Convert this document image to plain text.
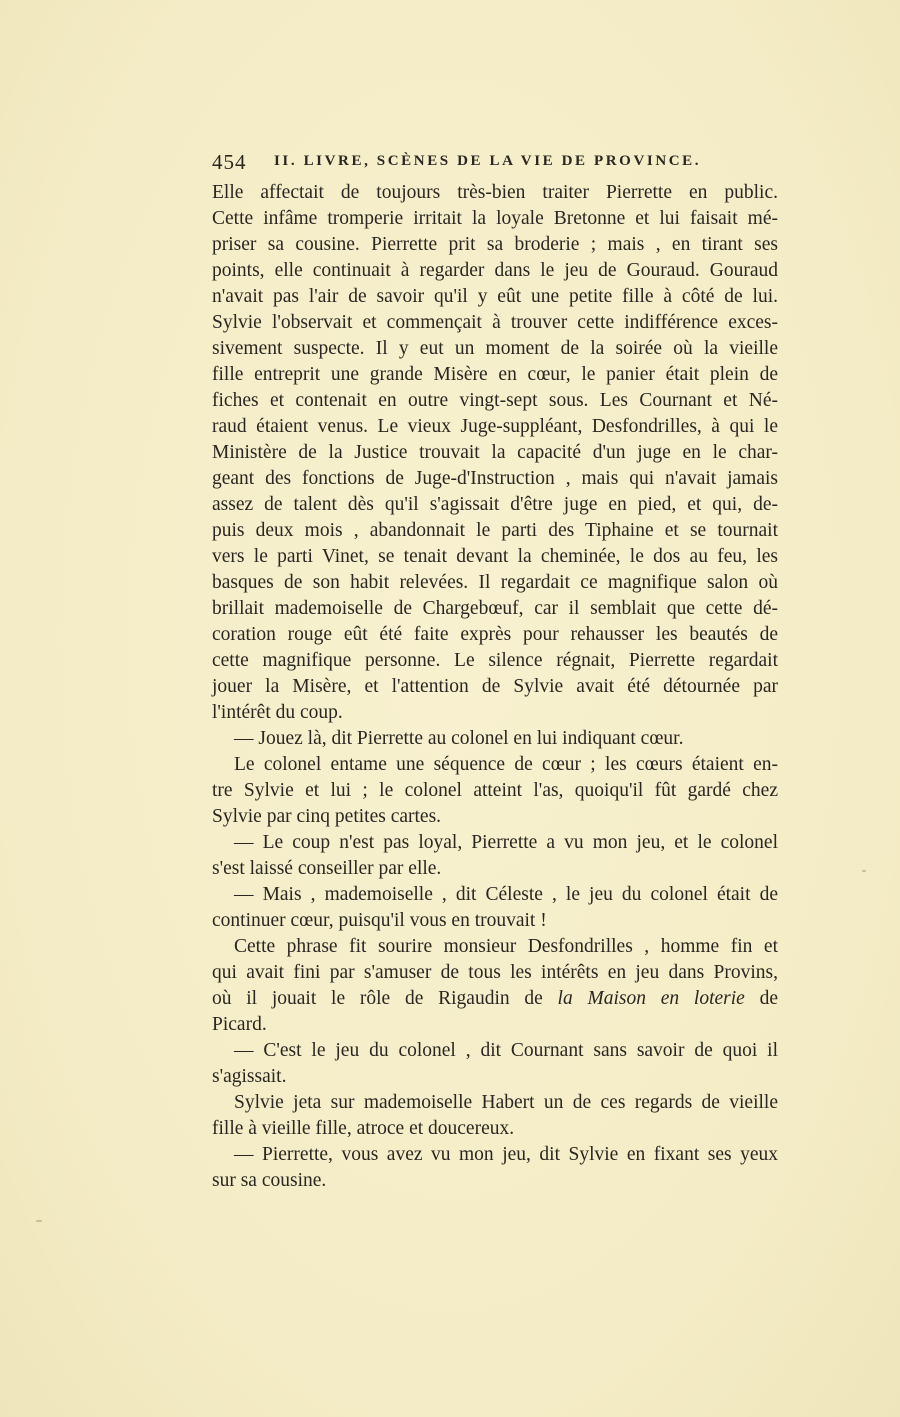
454 II. LIVRE, SCÈNES DE LA VIE DE PROVINCE.
Elle affectait de toujours très-bien traiter Pierrette en public.
Cette infâme tromperie irritait la loyale Bretonne et lui faisait mé-
priser sa cousine. Pierrette prit sa broderie ; mais , en tirant ses
points, elle continuait à regarder dans le jeu de Gouraud. Gouraud
n'avait pas l'air de savoir qu'il y eût une petite fille à côté de lui.
Sylvie l'observait et commençait à trouver cette indifférence exces-
sivement suspecte. Il y eut un moment de la soirée où la vieille
fille entreprit une grande Misère en cœur, le panier était plein de
fiches et contenait en outre vingt-sept sous. Les Cournant et Né-
raud étaient venus. Le vieux Juge-suppléant, Desfondrilles, à qui le
Ministère de la Justice trouvait la capacité d'un juge en le char-
geant des fonctions de Juge-d'Instruction , mais qui n'avait jamais
assez de talent dès qu'il s'agissait d'être juge en pied, et qui, de-
puis deux mois , abandonnait le parti des Tiphaine et se tournait
vers le parti Vinet, se tenait devant la cheminée, le dos au feu, les
basques de son habit relevées. Il regardait ce magnifique salon où
brillait mademoiselle de Chargebœuf, car il semblait que cette dé-
coration rouge eût été faite exprès pour rehausser les beautés de
cette magnifique personne. Le silence régnait, Pierrette regardait
jouer la Misère, et l'attention de Sylvie avait été détournée par
l'intérêt du coup.
— Jouez là, dit Pierrette au colonel en lui indiquant cœur.
Le colonel entame une séquence de cœur ; les cœurs étaient en-
tre Sylvie et lui ; le colonel atteint l'as, quoiqu'il fût gardé chez
Sylvie par cinq petites cartes.
— Le coup n'est pas loyal, Pierrette a vu mon jeu, et le colonel
s'est laissé conseiller par elle.
— Mais , mademoiselle , dit Céleste , le jeu du colonel était de
continuer cœur, puisqu'il vous en trouvait !
Cette phrase fit sourire monsieur Desfondrilles , homme fin et
qui avait fini par s'amuser de tous les intérêts en jeu dans Provins,
où il jouait le rôle de Rigaudin de la Maison en loterie de
Picard.
— C'est le jeu du colonel , dit Cournant sans savoir de quoi il
s'agissait.
Sylvie jeta sur mademoiselle Habert un de ces regards de vieille
fille à vieille fille, atroce et doucereux.
— Pierrette, vous avez vu mon jeu, dit Sylvie en fixant ses yeux
sur sa cousine.
